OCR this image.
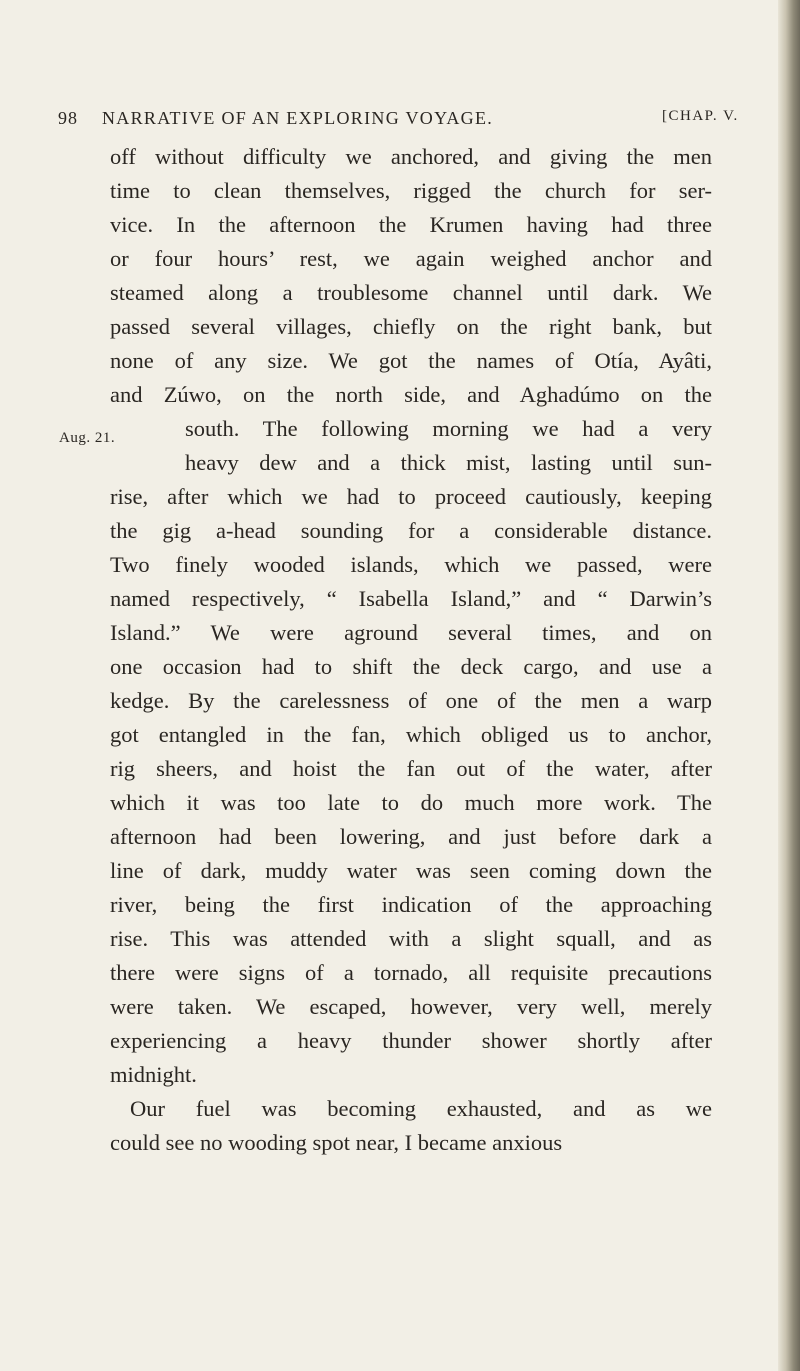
98 NARRATIVE OF AN EXPLORING VOYAGE.	[CHAP. V.
off without difficulty we anchored, and giving the men
time to clean themselves, rigged the church for ser-
vice. In the afternoon the Krumen having had three
or four hours’ rest, we again weighed anchor and
steamed along a troublesome channel until dark. We
passed several villages, chiefly on the right bank, but
none of any size. We got the names of Otía, Ayâti,
and Zúwo, on the north side, and Aghadúmo on the
south. The following morning we had a very
heavy dew and a thick mist, lasting until sun-
rise, after which we had to proceed cautiously, keeping
the gig a-head sounding for a considerable distance.
Two finely wooded islands, which we passed, were
named respectively, “ Isabella Island,” and “ Darwin’s
Island.” We were aground several times, and on
one occasion had to shift the deck cargo, and use a
kedge. By the carelessness of one of the men a warp
got entangled in the fan, which obliged us to anchor,
rig sheers, and hoist the fan out of the water, after
which it was too late to do much more work. The
afternoon had been lowering, and just before dark a
line of dark, muddy water was seen coming down the
river, being the first indication of the approaching
rise. This was attended with a slight squall, and as
there were signs of a tornado, all requisite precautions
were taken. We escaped, however, very well, merely
experiencing a heavy thunder shower shortly after
midnight.
Our fuel was becoming exhausted, and as we
could see no wooding spot near, I became anxious
Aug. 21.
